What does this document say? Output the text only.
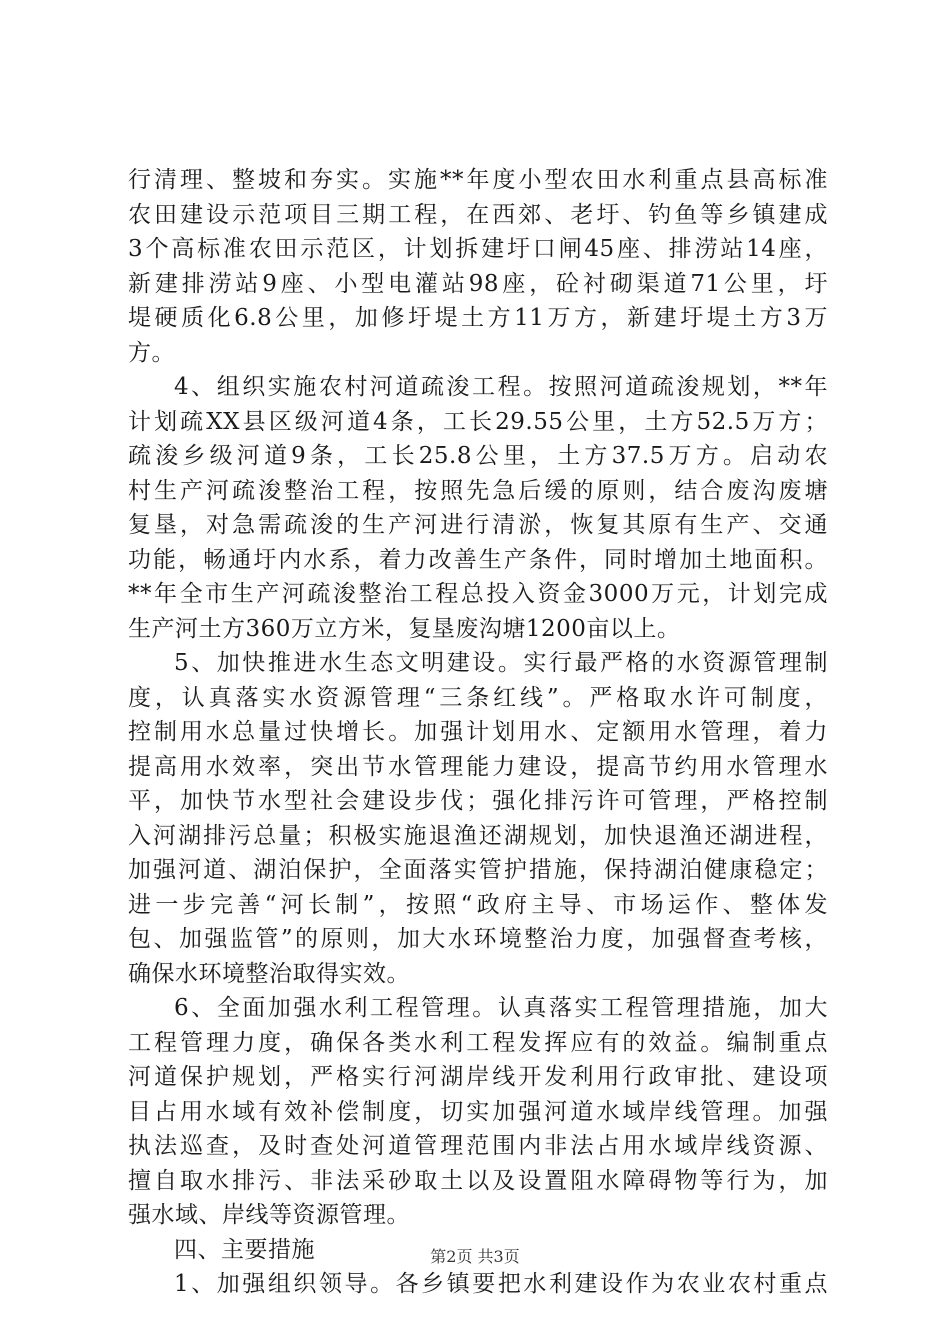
行清理、整坡和夯实。实施**年度小型农田水利重点县高标准
农田建设示范项目三期工程，在西郊、老圩、钓鱼等乡镇建成
3个高标准农田示范区，计划拆建圩口闸45座、排涝站14座，
新建排涝站9座、小型电灌站98座，砼衬砌渠道71公里，圩
堤硬质化6.8公里，加修圩堤土方11万方，新建圩堤土方3万
方。
4、组织实施农村河道疏浚工程。按照河道疏浚规划，**年
计划疏XX县区级河道4条，工长29.55公里，土方52.5万方；
疏浚乡级河道9条，工长25.8公里，土方37.5万方。启动农
村生产河疏浚整治工程，按照先急后缓的原则，结合废沟废塘
复垦，对急需疏浚的生产河进行清淤，恢复其原有生产、交通
功能，畅通圩内水系，着力改善生产条件，同时增加土地面积。
**年全市生产河疏浚整治工程总投入资金3000万元，计划完成
生产河土方360万立方米，复垦废沟塘1200亩以上。
5、加快推进水生态文明建设。实行最严格的水资源管理制
度，认真落实水资源管理“三条红线”。严格取水许可制度，
控制用水总量过快增长。加强计划用水、定额用水管理，着力
提高用水效率，突出节水管理能力建设，提高节约用水管理水
平，加快节水型社会建设步伐；强化排污许可管理，严格控制
入河湖排污总量；积极实施退渔还湖规划，加快退渔还湖进程，
加强河道、湖泊保护，全面落实管护措施，保持湖泊健康稳定；
进一步完善“河长制”，按照“政府主导、市场运作、整体发
包、加强监管”的原则，加大水环境整治力度，加强督查考核，
确保水环境整治取得实效。
6、全面加强水利工程管理。认真落实工程管理措施，加大
工程管理力度，确保各类水利工程发挥应有的效益。编制重点
河道保护规划，严格实行河湖岸线开发利用行政审批、建设项
目占用水域有效补偿制度，切实加强河道水域岸线管理。加强
执法巡查，及时查处河道管理范围内非法占用水域岸线资源、
擅自取水排污、非法采砂取土以及设置阻水障碍物等行为，加
强水域、岸线等资源管理。
四、主要措施
1、加强组织领导。各乡镇要把水利建设作为农业农村重点
第2页 共3页
